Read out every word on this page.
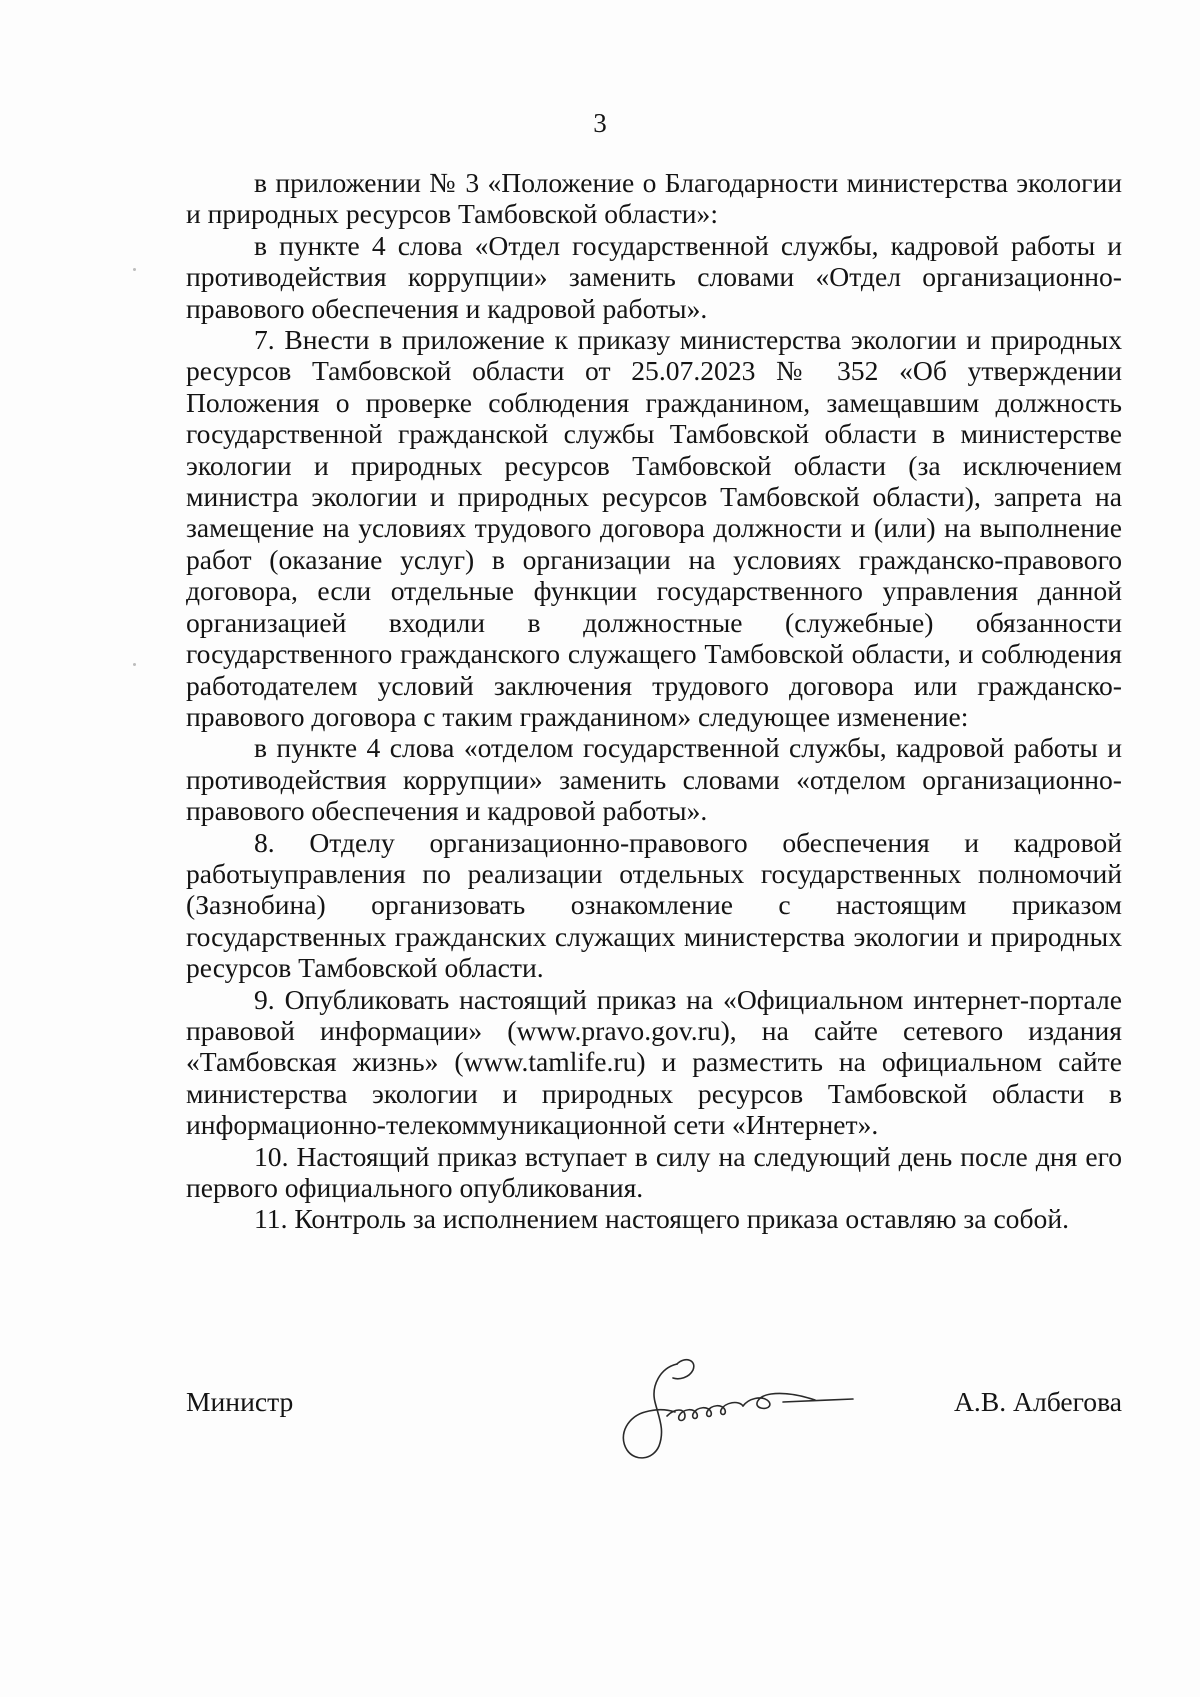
3

в приложении № 3 «Положение о Благодарности министерства экологии и природных ресурсов Тамбовской области»:

в пункте 4 слова «Отдел государственной службы, кадровой работы и противодействия коррупции» заменить словами «Отдел организационно-правового обеспечения и кадровой работы».

7. Внести в приложение к приказу министерства экологии и природных ресурсов Тамбовской области от 25.07.2023 № 352 «Об утверждении Положения о проверке соблюдения гражданином, замещавшим должность государственной гражданской службы Тамбовской области в министерстве экологии и природных ресурсов Тамбовской области (за исключением министра экологии и природных ресурсов Тамбовской области), запрета на замещение на условиях трудового договора должности и (или) на выполнение работ (оказание услуг) в организации на условиях гражданско-правового договора, если отдельные функции государственного управления данной организацией входили в должностные (служебные) обязанности государственного гражданского служащего Тамбовской области, и соблюдения работодателем условий заключения трудового договора или гражданско-правового договора с таким гражданином» следующее изменение:

в пункте 4 слова «отделом государственной службы, кадровой работы и противодействия коррупции» заменить словами «отделом организационно-правового обеспечения и кадровой работы».

8. Отделу организационно-правового обеспечения и кадровой работыуправления по реализации отдельных государственных полномочий (Зазнобина) организовать ознакомление с настоящим приказом государственных гражданских служащих министерства экологии и природных ресурсов Тамбовской области.

9. Опубликовать настоящий приказ на «Официальном интернет-портале правовой информации» (www.pravo.gov.ru), на сайте сетевого издания «Тамбовская жизнь» (www.tamlife.ru) и разместить на официальном сайте министерства экологии и природных ресурсов Тамбовской области в информационно-телекоммуникационной сети «Интернет».

10. Настоящий приказ вступает в силу на следующий день после дня его первого официального опубликования.

11. Контроль за исполнением настоящего приказа оставляю за собой.

Министр	А.В. Албегова
